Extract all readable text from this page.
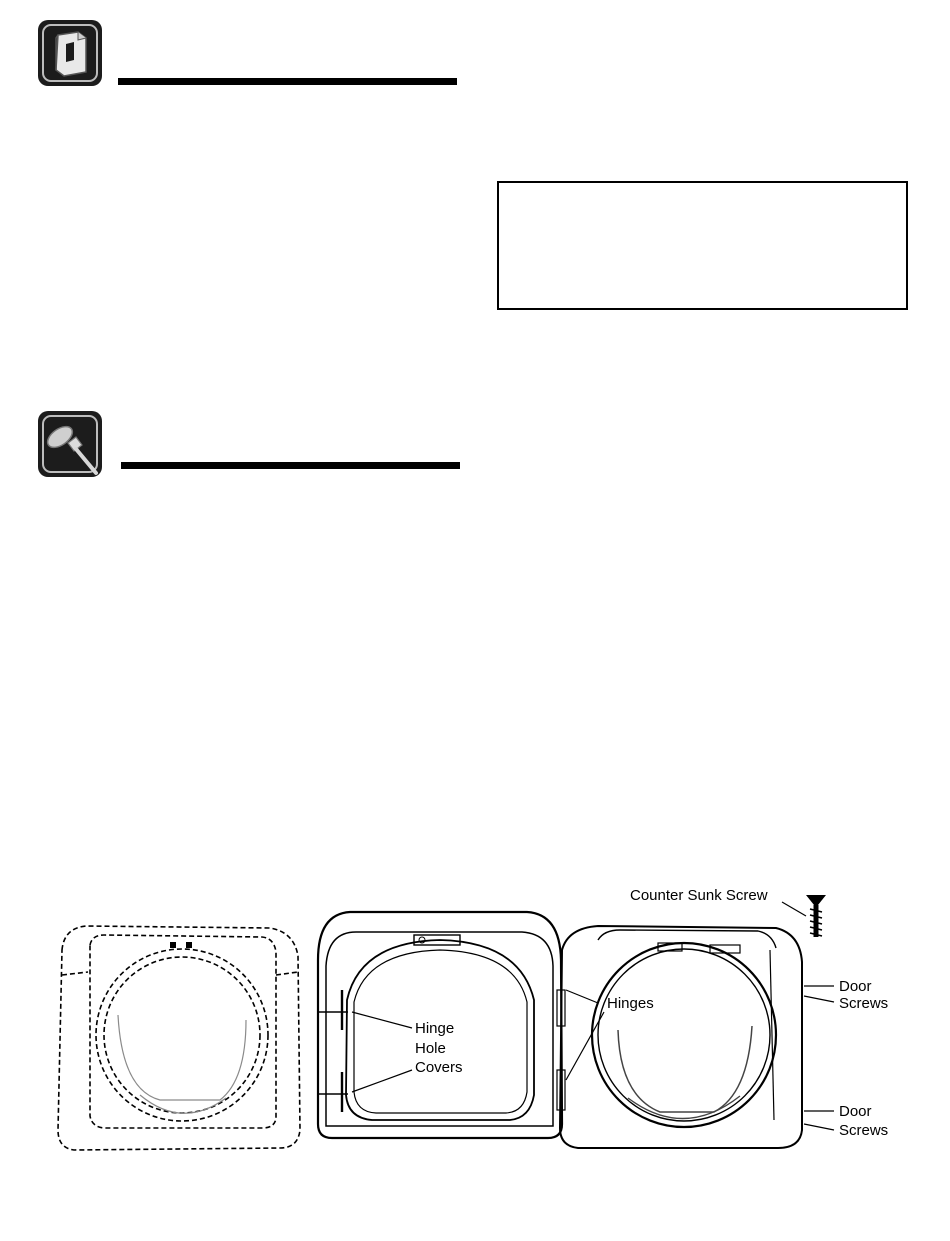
Counter Sunk Screw
Door
Screws
Door
Screws
Hinges
Hinge
Hole
Covers
